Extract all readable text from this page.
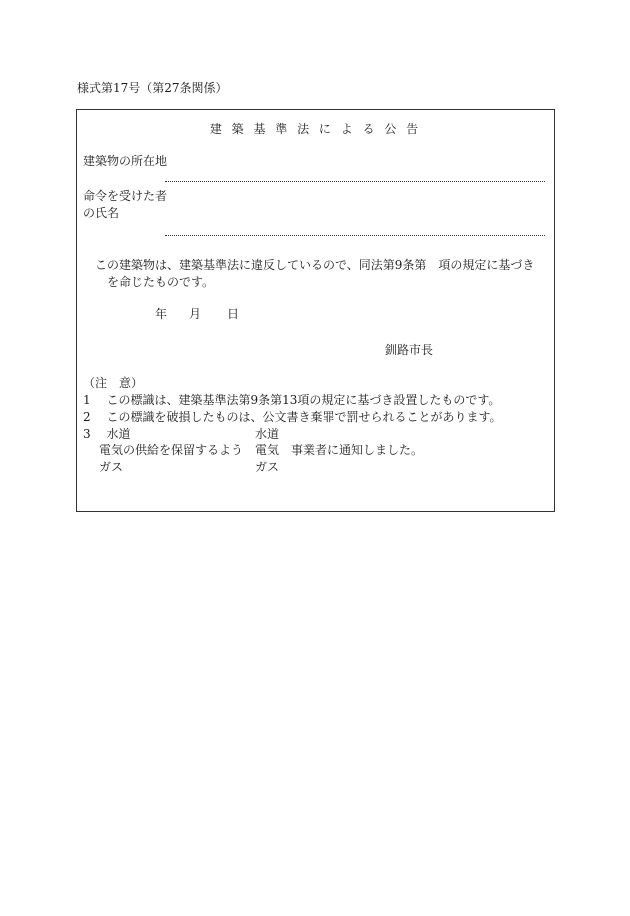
様式第17号（第27条関係）
建 築 基 準 法 に よ る 公 告
建築物の所在地
命令を受けた者
の氏名
この建築物は、建築基準法に違反しているので、同法第9条第　項の規定に基づき
を命じたものです。
年 月 日
釧路市長
（注　意）
1　 この標識は、建築基準法第9条第13項の規定に基づき設置したものです。
2　 この標識を破損したものは、公文書き棄罪で罰せられることがあります。
3　 水道	水道
電気の供給を保留するよう 電気　事業者に通知しました。
ガス	ガス
